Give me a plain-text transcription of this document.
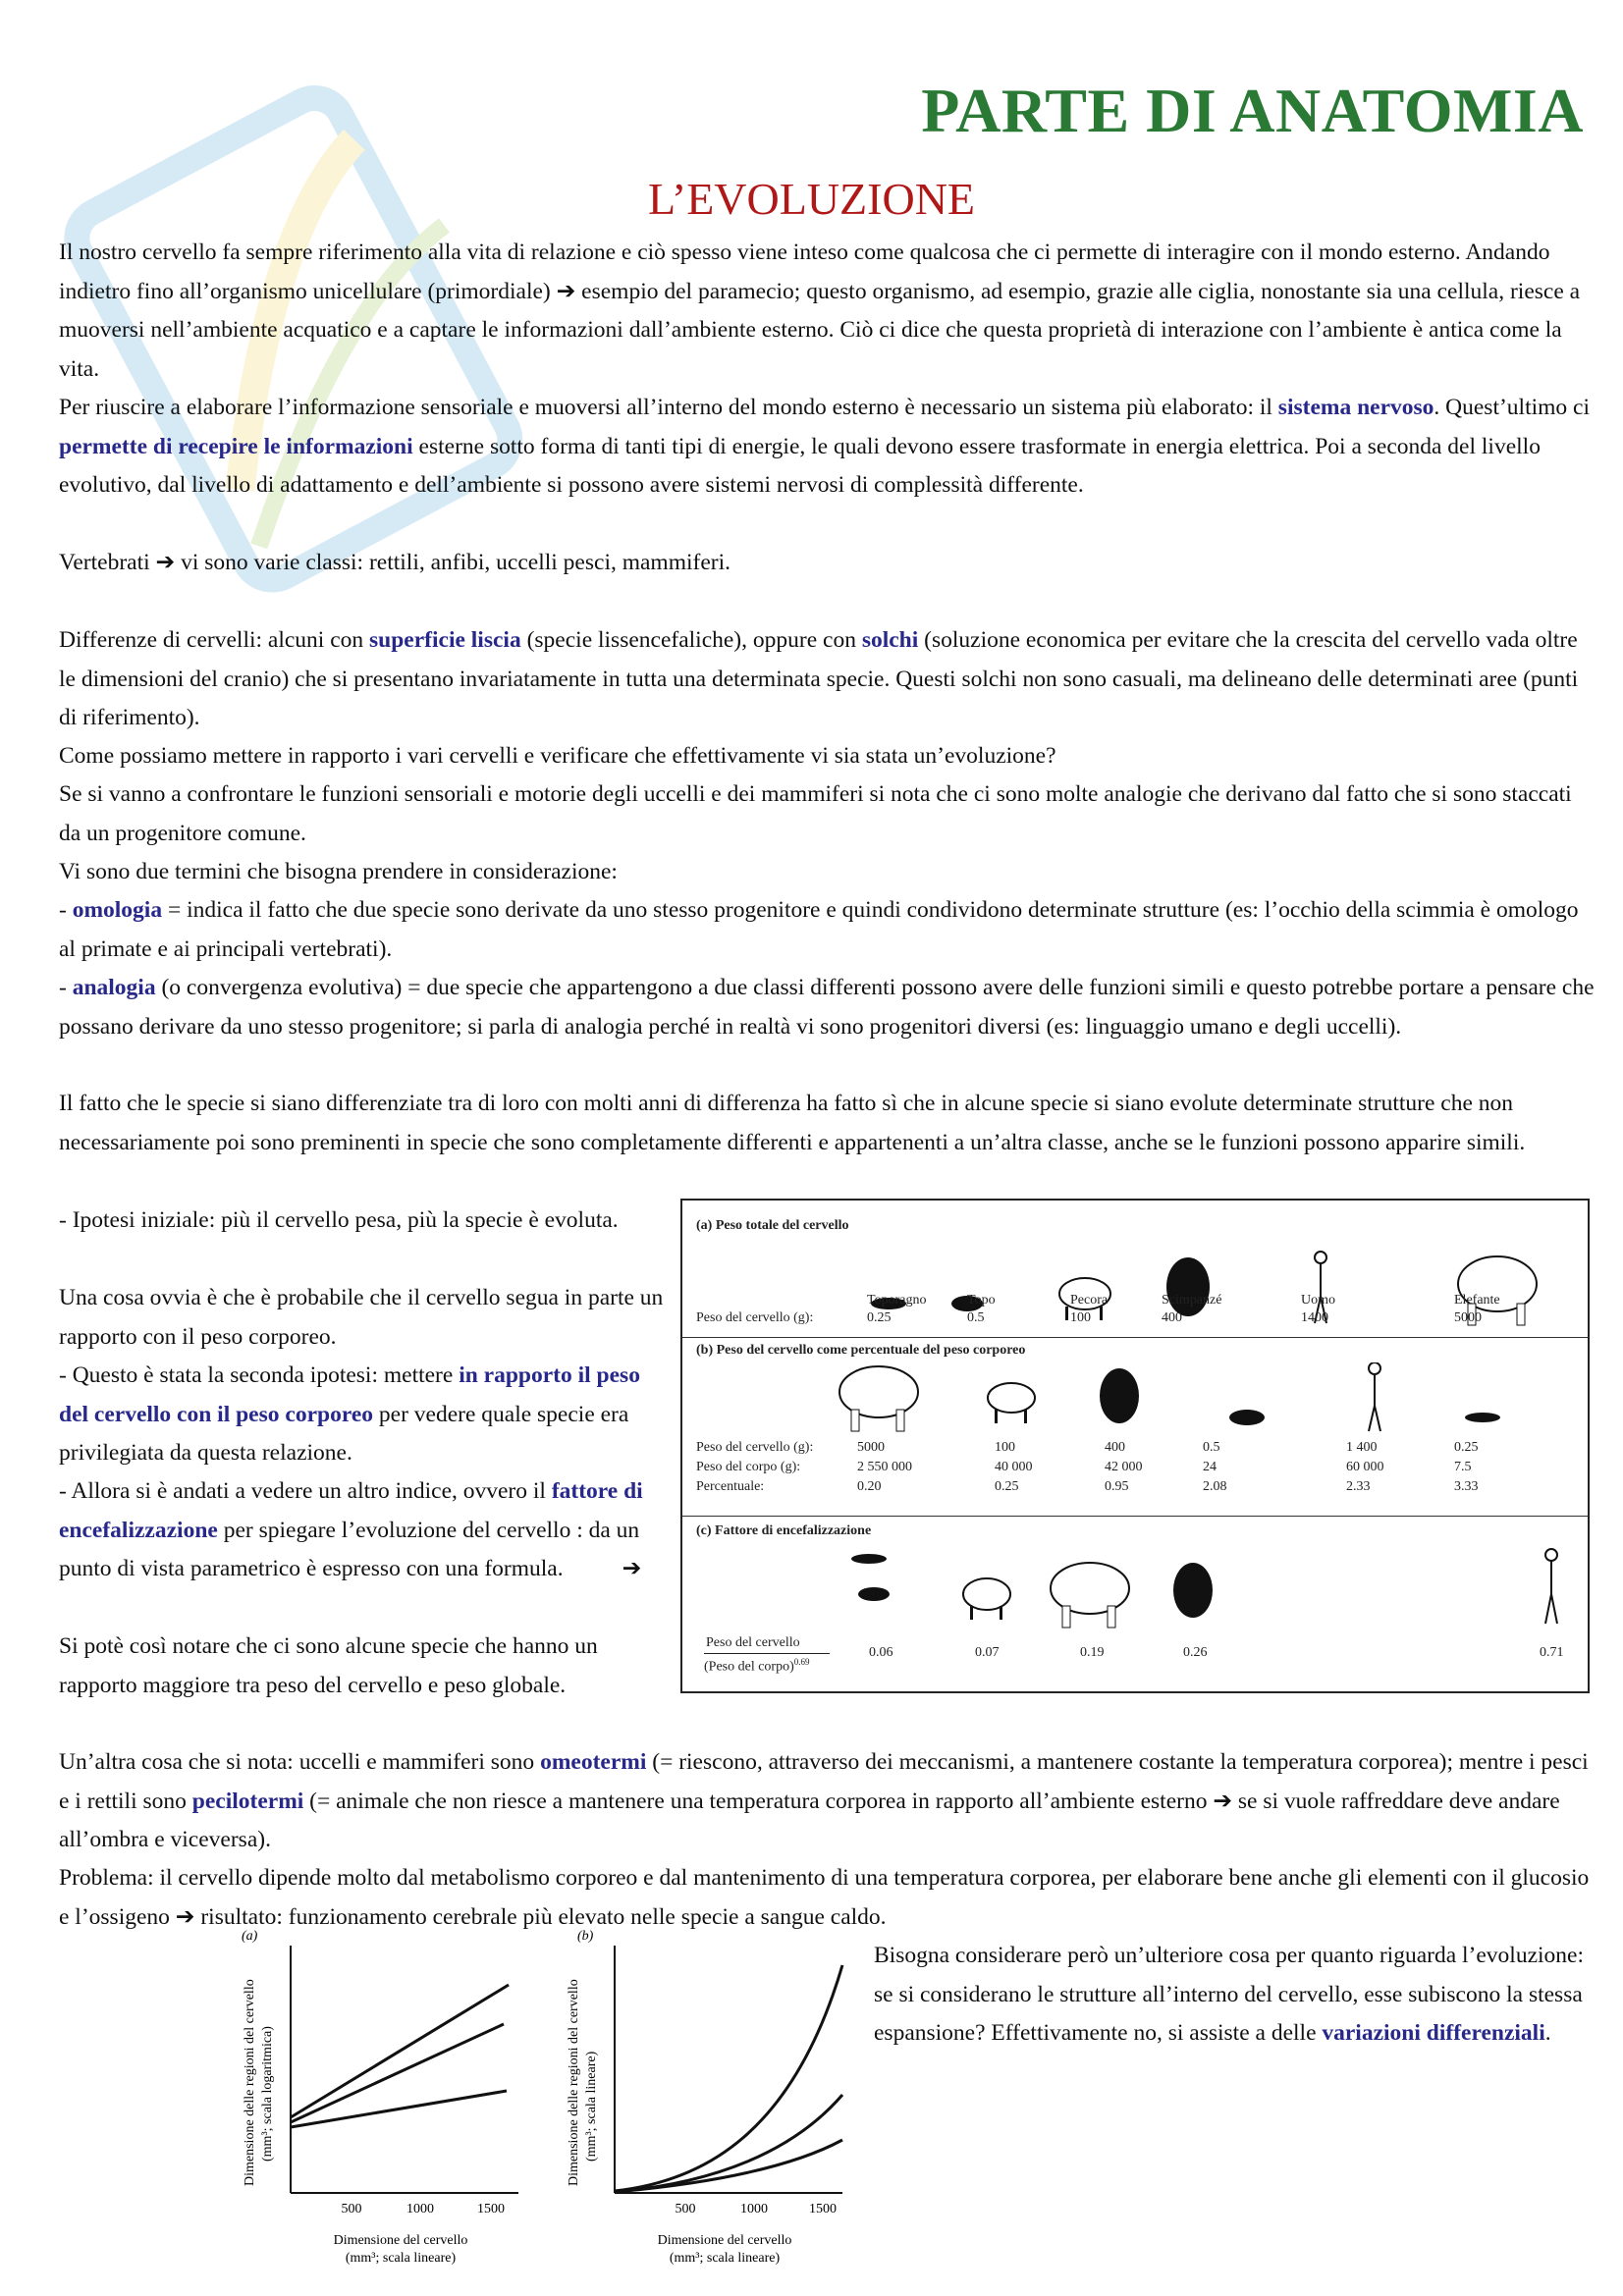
PARTE DI ANATOMIA
L’EVOLUZIONE
Il nostro cervello fa sempre riferimento alla vita di relazione e ciò spesso viene inteso come qualcosa che ci permette di interagire con il mondo esterno. Andando indietro fino all’organismo unicellulare (primordiale) ➔ esempio del paramecio; questo organismo, ad esempio, grazie alle ciglia, nonostante sia una cellula, riesce a muoversi nell’ambiente acquatico e a captare le informazioni dall’ambiente esterno. Ciò ci dice che questa proprietà di interazione con l’ambiente è antica come la vita.
Per riuscire a elaborare l’informazione sensoriale e muoversi all’interno del mondo esterno è necessario un sistema più elaborato: il sistema nervoso. Quest’ultimo ci permette di recepire le informazioni esterne sotto forma di tanti tipi di energie, le quali devono essere trasformate in energia elettrica. Poi a seconda del livello evolutivo, dal livello di adattamento e dell’ambiente si possono avere sistemi nervosi di complessità differente.
Vertebrati ➔ vi sono varie classi: rettili, anfibi, uccelli pesci, mammiferi.
Differenze di cervelli: alcuni con superficie liscia (specie lissencefaliche), oppure con solchi (soluzione economica per evitare che la crescita del cervello vada oltre le dimensioni del cranio) che si presentano invariatamente in tutta una determinata specie. Questi solchi non sono casuali, ma delineano delle determinati aree (punti di riferimento).
Come possiamo mettere in rapporto i vari cervelli e verificare che effettivamente vi sia stata un’evoluzione?
Se si vanno a confrontare le funzioni sensoriali e motorie degli uccelli e dei mammiferi si nota che ci sono molte analogie che derivano dal fatto che si sono staccati da un progenitore comune.
Vi sono due termini che bisogna prendere in considerazione:
- omologia = indica il fatto che due specie sono derivate da uno stesso progenitore e quindi condividono determinate strutture (es: l’occhio della scimmia è omologo al primate e ai principali vertebrati).
- analogia (o convergenza evolutiva) = due specie che appartengono a due classi differenti possono avere delle funzioni simili e questo potrebbe portare a pensare che possano derivare da uno stesso progenitore; si parla di analogia perché in realtà vi sono progenitori diversi (es: linguaggio umano e degli uccelli).
Il fatto che le specie si siano differenziate tra di loro con molti anni di differenza ha fatto sì che in alcune specie si siano evolute determinate strutture che non necessariamente poi sono preminenti in specie che sono completamente differenti e appartenenti a un’altra classe, anche se le funzioni possono apparire simili.
- Ipotesi iniziale: più il cervello pesa, più la specie è evoluta.
Una cosa ovvia è che è probabile che il cervello segua in parte un rapporto con il peso corporeo.
- Questo è stata la seconda ipotesi: mettere in rapporto il peso del cervello con il peso corporeo per vedere quale specie era privilegiata da questa relazione.
- Allora si è andati a vedere un altro indice, ovvero il fattore di encefalizzazione per spiegare l’evoluzione del cervello : da un punto di vista parametrico è espresso con una formula.	➔
Si potè così notare che ci sono alcune specie che hanno un rapporto maggiore tra peso del cervello e peso globale.
Un’altra cosa che si nota: uccelli e mammiferi sono omeotermi (= riescono, attraverso dei meccanismi, a mantenere costante la temperatura corporea); mentre i pesci e i rettili sono pecilotermi (= animale che non riesce a mantenere una temperatura corporea in rapporto all’ambiente esterno ➔ se si vuole raffreddare deve andare all’ombra e viceversa).
Problema: il cervello dipende molto dal metabolismo corporeo e dal mantenimento di una temperatura corporea, per elaborare bene anche gli elementi con il glucosio e l’ossigeno ➔ risultato: funzionamento cerebrale più elevato nelle specie a sangue caldo.
Bisogna considerare però un’ulteriore cosa per quanto riguarda l’evoluzione: se si considerano le strutture all’interno del cervello, esse subiscono la stessa espansione? Effettivamente no, si assiste a delle variazioni differenziali.
(a) Peso totale del cervello
Peso del cervello (g):
Toporagno	Topo	Pecora	Scimpanzé	Uomo	Elefante
0.25	0.5	100	400	1400	5000
(b) Peso del cervello come percentuale del peso corporeo
Peso del cervello (g):
Peso del corpo (g):
Percentuale:
5000	100	400	0.5	1 400	0.25
2 550 000	40 000	42 000	24	60 000	7.5
0.20	0.25	0.95	2.08	2.33	3.33
(c) Fattore di encefalizzazione
Peso del cervello
(Peso del corpo)$^{0.69}$
0.06	0.07	0.19	0.26	0.71
(a)
Dimensione delle regioni del cervello (mm³; scala logaritmica)
500	1000	1500
Dimensione del cervello
(mm³; scala lineare)
(b)
Dimensione delle regioni del cervello (mm³; scala lineare)
500	1000	1500
Dimensione del cervello
(mm³; scala lineare)
